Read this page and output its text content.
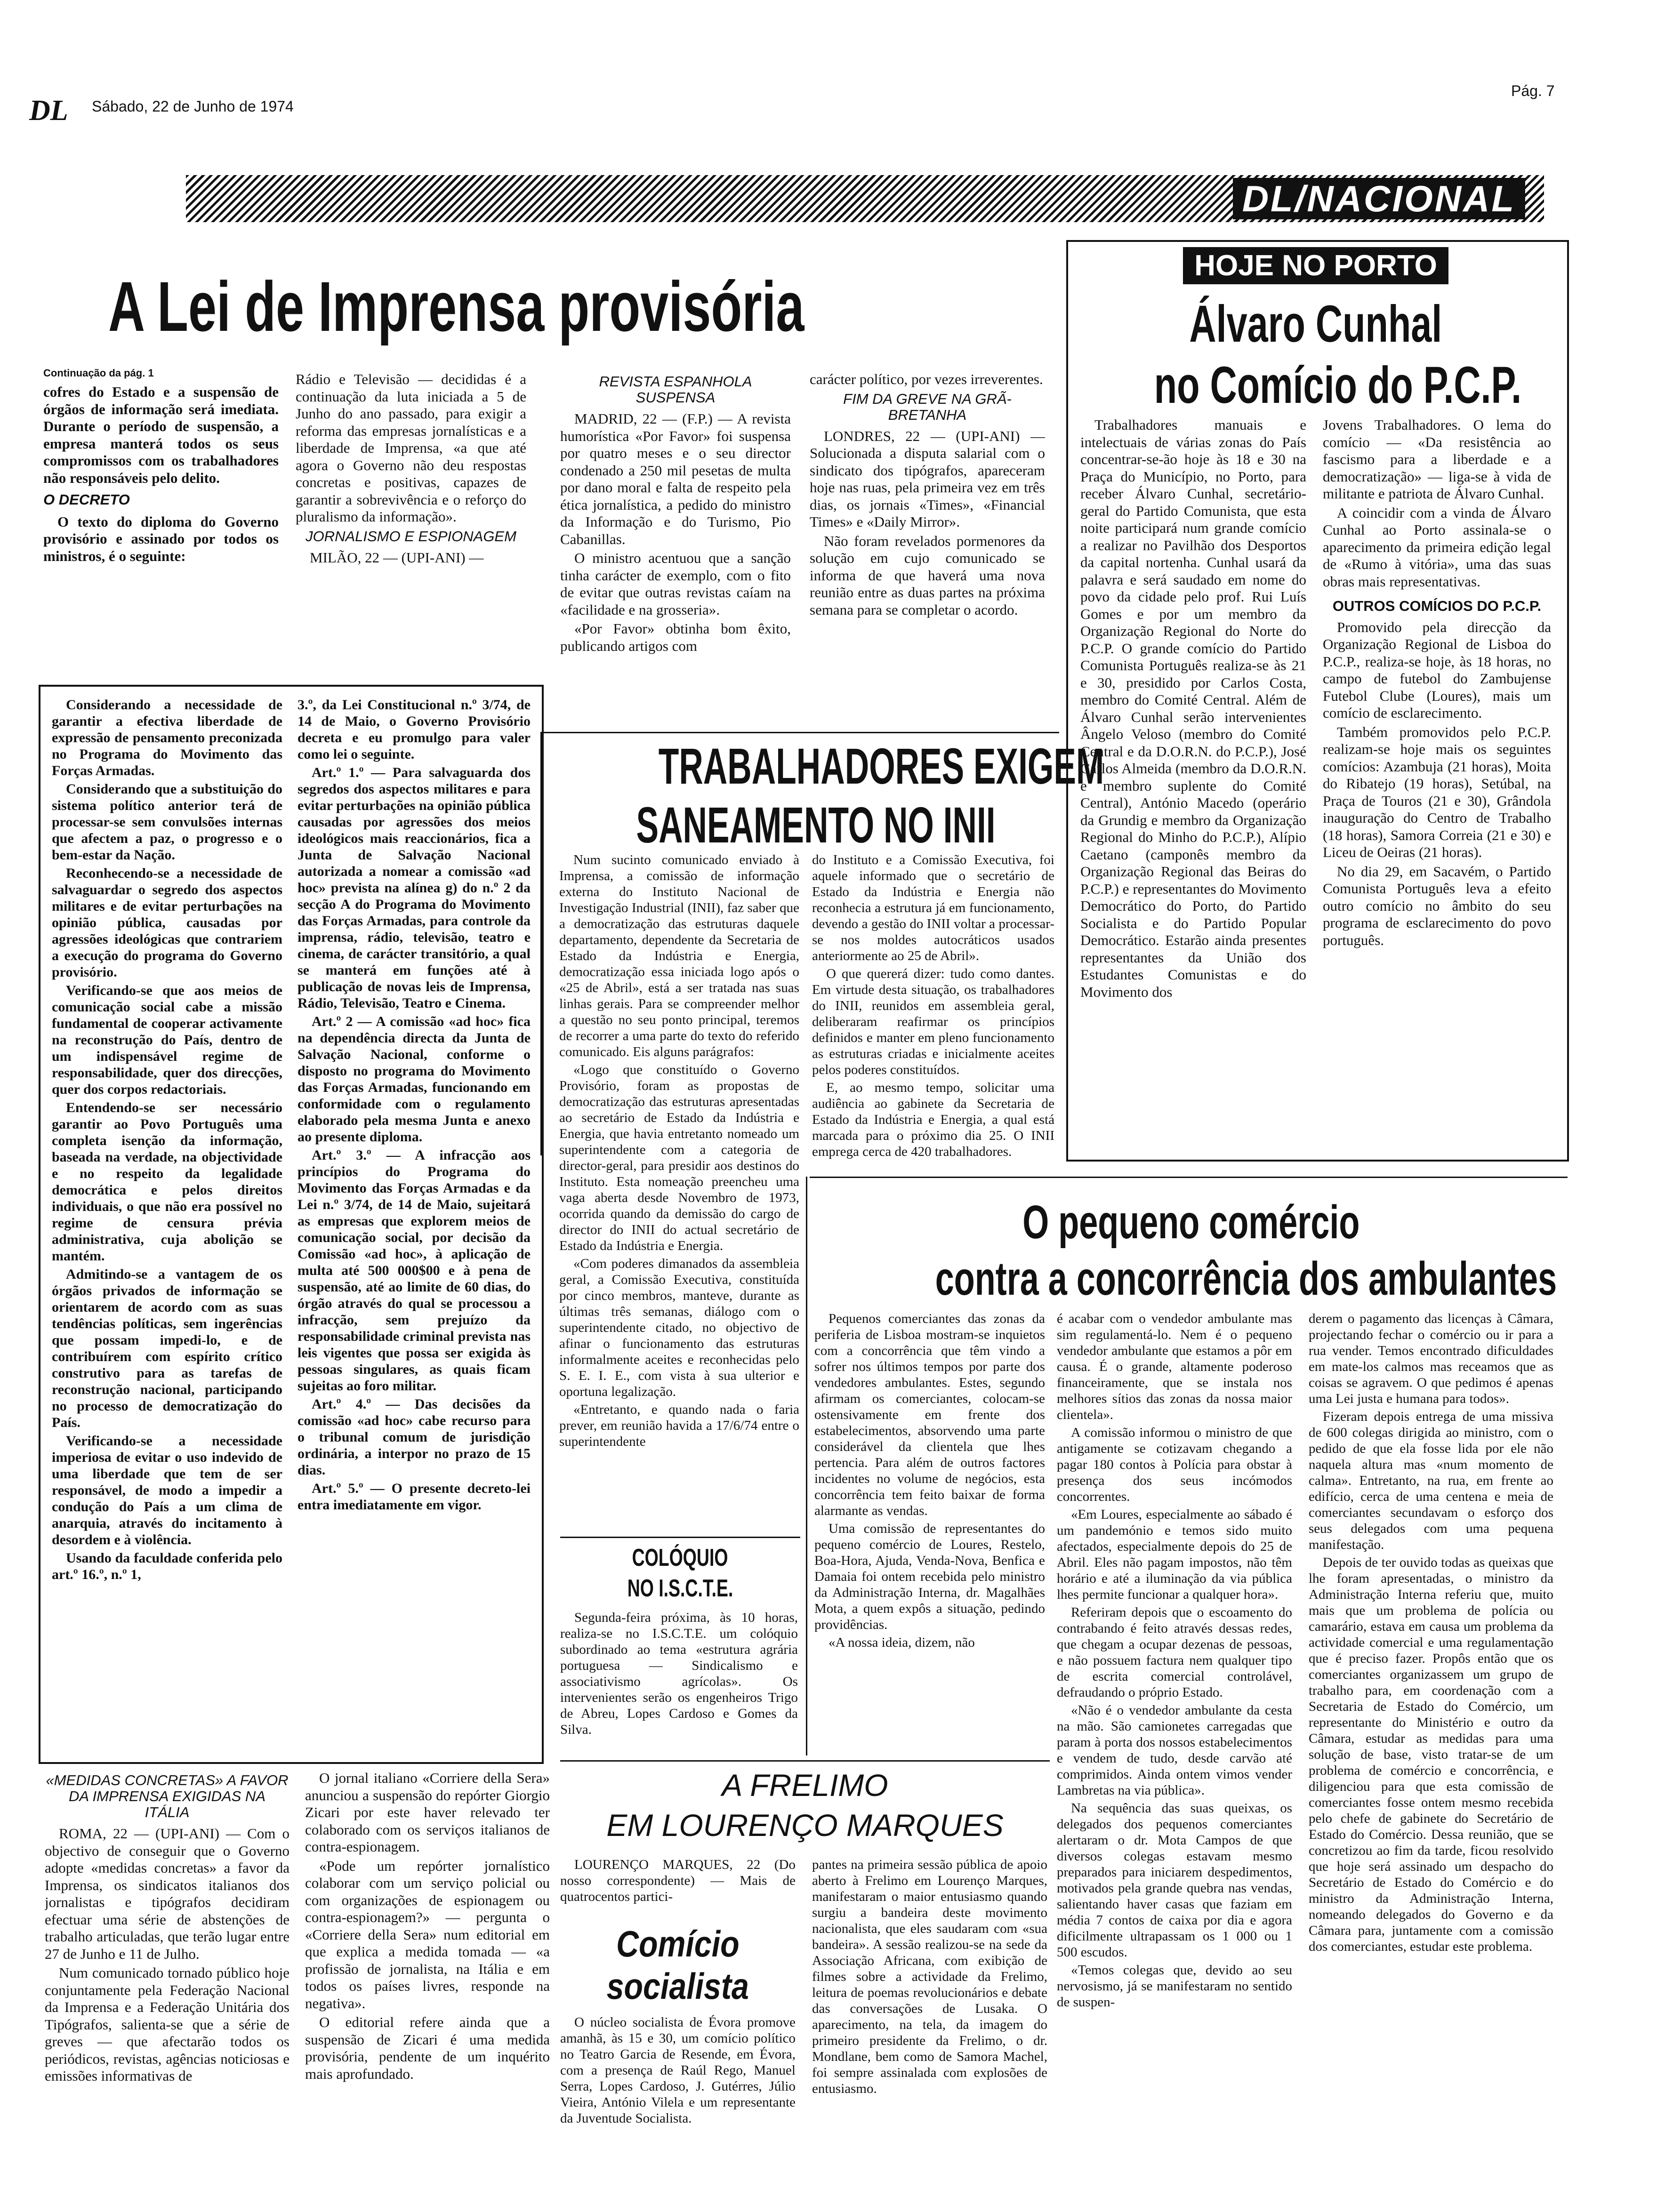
DL Sábado, 22 de Junho de 1974
Pág. 7
DL/NACIONAL
A Lei de Imprensa provisória
Continuação da pág. 1

cofres do Estado e a suspensão de órgãos de informação será imediata. Durante o período de suspensão, a empresa manterá todos os seus compromissos com os trabalhadores não responsáveis pelo delito.

O DECRETO

O texto do diploma do Governo provisório e assinado por todos os ministros, é o seguinte:

Rádio e Televisão — decididas é a continuação da luta iniciada a 5 de Junho do ano passado, para exigir a reforma das empresas jornalísticas e a liberdade de Imprensa, «a que até agora o Governo não deu respostas concretas e positivas, capazes de garantir a sobrevivência e o reforço do pluralismo da informação».

JORNALISMO E ESPIONAGEM

MILÃO, 22 — (UPI-ANI) —

REVISTA ESPANHOLA SUSPENSA

MADRID, 22 — (F.P.) — A revista humorística «Por Favor» foi suspensa por quatro meses e o seu director condenado a 250 mil pesetas de multa por dano moral e falta de respeito pela ética jornalística, a pedido do ministro da Informação e do Turismo, Pio Cabanillas.

O ministro acentuou que a sanção tinha carácter de exemplo, com o fito de evitar que outras revistas caíam na «facilidade e na grosseria».

«Por Favor» obtinha bom êxito, publicando artigos com

carácter político, por vezes irreverentes.

FIM DA GREVE NA GRÃ-BRETANHA

LONDRES, 22 — (UPI-ANI) — Solucionada a disputa salarial com o sindicato dos tipógrafos, apareceram hoje nas ruas, pela primeira vez em três dias, os jornais «Times», «Financial Times» e «Daily Mirror».

Não foram revelados pormenores da solução em cujo comunicado se informa de que haverá uma nova reunião entre as duas partes na próxima semana para se completar o acordo.

Considerando a necessidade de garantir a efectiva liberdade de expressão de pensamento preconizada no Programa do Movimento das Forças Armadas.

Considerando que a substituição do sistema político anterior terá de processar-se sem convulsões internas que afectem a paz, o progresso e o bem-estar da Nação.

Reconhecendo-se a necessidade de salvaguardar o segredo dos aspectos militares e de evitar perturbações na opinião pública, causadas por agressões ideológicas que contrariem a execução do programa do Governo provisório.

Verificando-se que aos meios de comunicação social cabe a missão fundamental de cooperar activamente na reconstrução do País, dentro de um indispensável regime de responsabilidade, quer dos direcções, quer dos corpos redactoriais.

Entendendo-se ser necessário garantir ao Povo Português uma completa isenção da informação, baseada na verdade, na objectividade e no respeito da legalidade democrática e pelos direitos individuais, o que não era possível no regime de censura prévia administrativa, cuja abolição se mantém.

Admitindo-se a vantagem de os órgãos privados de informação se orientarem de acordo com as suas tendências políticas, sem ingerências que possam impedi-lo, e de contribuírem com espírito crítico construtivo para as tarefas de reconstrução nacional, participando no processo de democratização do País.

Verificando-se a necessidade imperiosa de evitar o uso indevido de uma liberdade que tem de ser responsável, de modo a impedir a condução do País a um clima de anarquia, através do incitamento à desordem e à violência.

Usando da faculdade conferida pelo art.º 16.º, n.º 1,

3.º, da Lei Constitucional n.º 3/74, de 14 de Maio, o Governo Provisório decreta e eu promulgo para valer como lei o seguinte.

Art.º 1.º — Para salvaguarda dos segredos dos aspectos militares e para evitar perturbações na opinião pública causadas por agressões dos meios ideológicos mais reaccionários, fica a Junta de Salvação Nacional autorizada a nomear a comissão «ad hoc» prevista na alínea g) do n.º 2 da secção A do Programa do Movimento das Forças Armadas, para controle da imprensa, rádio, televisão, teatro e cinema, de carácter transitório, a qual se manterá em funções até à publicação de novas leis de Imprensa, Rádio, Televisão, Teatro e Cinema.

Art.º 2 — A comissão «ad hoc» fica na dependência directa da Junta de Salvação Nacional, conforme o disposto no programa do Movimento das Forças Armadas, funcionando em conformidade com o regulamento elaborado pela mesma Junta e anexo ao presente diploma.

Art.º 3.º — A infracção aos princípios do Programa do Movimento das Forças Armadas e da Lei n.º 3/74, de 14 de Maio, sujeitará as empresas que explorem meios de comunicação social, por decisão da Comissão «ad hoc», à aplicação de multa até 500 000$00 e à pena de suspensão, até ao limite de 60 dias, do órgão através do qual se processou a infracção, sem prejuízo da responsabilidade criminal prevista nas leis vigentes que possa ser exigida às pessoas singulares, as quais ficam sujeitas ao foro militar.

Art.º 4.º — Das decisões da comissão «ad hoc» cabe recurso para o tribunal comum de jurisdição ordinária, a interpor no prazo de 15 dias.

Art.º 5.º — O presente decreto-lei entra imediatamente em vigor.

«MEDIDAS CONCRETAS» A FAVOR DA IMPRENSA EXIGIDAS NA ITÁLIA

ROMA, 22 — (UPI-ANI) — Com o objectivo de conseguir que o Governo adopte «medidas concretas» a favor da Imprensa, os sindicatos italianos dos jornalistas e tipógrafos decidiram efectuar uma série de abstenções de trabalho articuladas, que terão lugar entre 27 de Junho e 11 de Julho.

Num comunicado tornado público hoje conjuntamente pela Federação Nacional da Imprensa e a Federação Unitária dos Tipógrafos, salienta-se que a série de greves — que afectarão todos os periódicos, revistas, agências noticiosas e emissões informativas de

O jornal italiano «Corriere della Sera» anunciou a suspensão do repórter Giorgio Zicari por este haver relevado ter colaborado com os serviços italianos de contra-espionagem.

«Pode um repórter jornalístico colaborar com um serviço policial ou com organizações de espionagem ou contra-espionagem?» — pergunta o «Corriere della Sera» num editorial em que explica a medida tomada — «a profissão de jornalista, na Itália e em todos os países livres, responde na negativa».

O editorial refere ainda que a suspensão de Zicari é uma medida provisória, pendente de um inquérito mais aprofundado.

HOJE NO PORTO
Álvaro Cunhal
no Comício do P.C.P.

Trabalhadores manuais e intelectuais de várias zonas do País concentrar-se-ão hoje às 18 e 30 na Praça do Município, no Porto, para receber Álvaro Cunhal, secretário-geral do Partido Comunista, que esta noite participará num grande comício a realizar no Pavilhão dos Desportos da capital nortenha. Cunhal usará da palavra e será saudado em nome do povo da cidade pelo prof. Rui Luís Gomes e por um membro da Organização Regional do Norte do P.C.P. O grande comício do Partido Comunista Português realiza-se às 21 e 30, presidido por Carlos Costa, membro do Comité Central. Além de Álvaro Cunhal serão intervenientes Ângelo Veloso (membro do Comité Central e da D.O.R.N. do P.C.P.), José Carlos Almeida (membro da D.O.R.N. e membro suplente do Comité Central), António Macedo (operário da Grundig e membro da Organização Regional do Minho do P.C.P.), Alípio Caetano (camponês membro da Organização Regional das Beiras do P.C.P.) e representantes do Movimento Democrático do Porto, do Partido Socialista e do Partido Popular Democrático. Estarão ainda presentes representantes da União dos Estudantes Comunistas e do Movimento dos

Jovens Trabalhadores. O lema do comício — «Da resistência ao fascismo para a liberdade e a democratização» — liga-se à vida de militante e patriota de Álvaro Cunhal.

A coincidir com a vinda de Álvaro Cunhal ao Porto assinala-se o aparecimento da primeira edição legal de «Rumo à vitória», uma das suas obras mais representativas.

OUTROS COMÍCIOS DO P.C.P.

Promovido pela direcção da Organização Regional de Lisboa do P.C.P., realiza-se hoje, às 18 horas, no campo de futebol do Zambujense Futebol Clube (Loures), mais um comício de esclarecimento.

Também promovidos pelo P.C.P. realizam-se hoje mais os seguintes comícios: Azambuja (21 horas), Moita do Ribatejo (19 horas), Setúbal, na Praça de Touros (21 e 30), Grândola inauguração do Centro de Trabalho (18 horas), Samora Correia (21 e 30) e Liceu de Oeiras (21 horas).

No dia 29, em Sacavém, o Partido Comunista Português leva a efeito outro comício no âmbito do seu programa de esclarecimento do povo português.

TRABALHADORES EXIGEM
SANEAMENTO NO INII

Num sucinto comunicado enviado à Imprensa, a comissão de informação externa do Instituto Nacional de Investigação Industrial (INII), faz saber que a democratização das estruturas daquele departamento, dependente da Secretaria de Estado da Indústria e Energia, democratização essa iniciada logo após o «25 de Abril», está a ser tratada nas suas linhas gerais. Para se compreender melhor a questão no seu ponto principal, teremos de recorrer a uma parte do texto do referido comunicado. Eis alguns parágrafos:

«Logo que constituído o Governo Provisório, foram as propostas de democratização das estruturas apresentadas ao secretário de Estado da Indústria e Energia, que havia entretanto nomeado um superintendente com a categoria de director-geral, para presidir aos destinos do Instituto. Esta nomeação preencheu uma vaga aberta desde Novembro de 1973, ocorrida quando da demissão do cargo de director do INII do actual secretário de Estado da Indústria e Energia.

«Com poderes dimanados da assembleia geral, a Comissão Executiva, constituída por cinco membros, manteve, durante as últimas três semanas, diálogo com o superintendente citado, no objectivo de afinar o funcionamento das estruturas informalmente aceites e reconhecidas pelo S. E. I. E., com vista à sua ulterior e oportuna legalização.

«Entretanto, e quando nada o faria prever, em reunião havida a 17/6/74 entre o superintendente

do Instituto e a Comissão Executiva, foi aquele informado que o secretário de Estado da Indústria e Energia não reconhecia a estrutura já em funcionamento, devendo a gestão do INII voltar a processar-se nos moldes autocráticos usados anteriormente ao 25 de Abril».

O que quererá dizer: tudo como dantes. Em virtude desta situação, os trabalhadores do INII, reunidos em assembleia geral, deliberaram reafirmar os princípios definidos e manter em pleno funcionamento as estruturas criadas e inicialmente aceites pelos poderes constituídos.

E, ao mesmo tempo, solicitar uma audiência ao gabinete da Secretaria de Estado da Indústria e Energia, a qual está marcada para o próximo dia 25. O INII emprega cerca de 420 trabalhadores.

O pequeno comércio
contra a concorrência dos ambulantes

Pequenos comerciantes das zonas da periferia de Lisboa mostram-se inquietos com a concorrência que têm vindo a sofrer nos últimos tempos por parte dos vendedores ambulantes. Estes, segundo afirmam os comerciantes, colocam-se ostensivamente em frente dos estabelecimentos, absorvendo uma parte considerável da clientela que lhes pertencia. Para além de outros factores incidentes no volume de negócios, esta concorrência tem feito baixar de forma alarmante as vendas.

Uma comissão de representantes do pequeno comércio de Loures, Restelo, Boa-Hora, Ajuda, Venda-Nova, Benfica e Damaia foi ontem recebida pelo ministro da Administração Interna, dr. Magalhães Mota, a quem expôs a situação, pedindo providências.

«A nossa ideia, dizem, não

é acabar com o vendedor ambulante mas sim regulamentá-lo. Nem é o pequeno vendedor ambulante que estamos a pôr em causa. É o grande, altamente poderoso financeiramente, que se instala nos melhores sítios das zonas da nossa maior clientela».

A comissão informou o ministro de que antigamente se cotizavam chegando a pagar 180 contos à Polícia para obstar à presença dos seus incómodos concorrentes.

«Em Loures, especialmente ao sábado é um pandemónio e temos sido muito afectados, especialmente depois do 25 de Abril. Eles não pagam impostos, não têm horário e até a iluminação da via pública lhes permite funcionar a qualquer hora».

Referiram depois que o escoamento do contrabando é feito através dessas redes, que chegam a ocupar dezenas de pessoas, e não possuem factura nem qualquer tipo de escrita comercial controlável, defraudando o próprio Estado.

«Não é o vendedor ambulante da cesta na mão. São camionetes carregadas que param à porta dos nossos estabelecimentos e vendem de tudo, desde carvão até comprimidos. Ainda ontem vimos vender Lambretas na via pública».

Na sequência das suas queixas, os delegados dos pequenos comerciantes alertaram o dr. Mota Campos de que diversos colegas estavam mesmo preparados para iniciarem despedimentos, motivados pela grande quebra nas vendas, salientando haver casas que faziam em média 7 contos de caixa por dia e agora dificilmente ultrapassam os 1 000 ou 1 500 escudos.

«Temos colegas que, devido ao seu nervosismo, já se manifestaram no sentido de suspen-

derem o pagamento das licenças à Câmara, projectando fechar o comércio ou ir para a rua vender. Temos encontrado dificuldades em mate-los calmos mas receamos que as coisas se agravem. O que pedimos é apenas uma Lei justa e humana para todos».

Fizeram depois entrega de uma missiva de 600 colegas dirigida ao ministro, com o pedido de que ela fosse lida por ele não naquela altura mas «num momento de calma». Entretanto, na rua, em frente ao edifício, cerca de uma centena e meia de comerciantes secundavam o esforço dos seus delegados com uma pequena manifestação.

Depois de ter ouvido todas as queixas que lhe foram apresentadas, o ministro da Administração Interna referiu que, muito mais que um problema de polícia ou camarário, estava em causa um problema da actividade comercial e uma regulamentação que é preciso fazer. Propôs então que os comerciantes organizassem um grupo de trabalho para, em coordenação com a Secretaria de Estado do Comércio, um representante do Ministério e outro da Câmara, estudar as medidas para uma solução de base, visto tratar-se de um problema de comércio e concorrência, e diligenciou para que esta comissão de comerciantes fosse ontem mesmo recebida pelo chefe de gabinete do Secretário de Estado do Comércio. Dessa reunião, que se concretizou ao fim da tarde, ficou resolvido que hoje será assinado um despacho do Secretário de Estado do Comércio e do ministro da Administração Interna, nomeando delegados do Governo e da Câmara para, juntamente com a comissão dos comerciantes, estudar este problema.

COLÓQUIO
NO I.S.C.T.E.

Segunda-feira próxima, às 10 horas, realiza-se no I.S.C.T.E. um colóquio subordinado ao tema «estrutura agrária portuguesa — Sindicalismo e associativismo agrícolas». Os intervenientes serão os engenheiros Trigo de Abreu, Lopes Cardoso e Gomes da Silva.

A FRELIMO
EM LOURENÇO MARQUES

LOURENÇO MARQUES, 22 (Do nosso correspondente) — Mais de quatrocentos partici-

pantes na primeira sessão pública de apoio aberto à Frelimo em Lourenço Marques, manifestaram o maior entusiasmo quando surgiu a bandeira deste movimento nacionalista, que eles saudaram com «sua bandeira». A sessão realizou-se na sede da Associação Africana, com exibição de filmes sobre a actividade da Frelimo, leitura de poemas revolucionários e debate das conversações de Lusaka. O aparecimento, na tela, da imagem do primeiro presidente da Frelimo, o dr. Mondlane, bem como de Samora Machel, foi sempre assinalada com explosões de entusiasmo.

Comício
socialista

O núcleo socialista de Évora promove amanhã, às 15 e 30, um comício político no Teatro Garcia de Resende, em Évora, com a presença de Raúl Rego, Manuel Serra, Lopes Cardoso, J. Gutérres, Júlio Vieira, António Vilela e um representante da Juventude Socialista.
